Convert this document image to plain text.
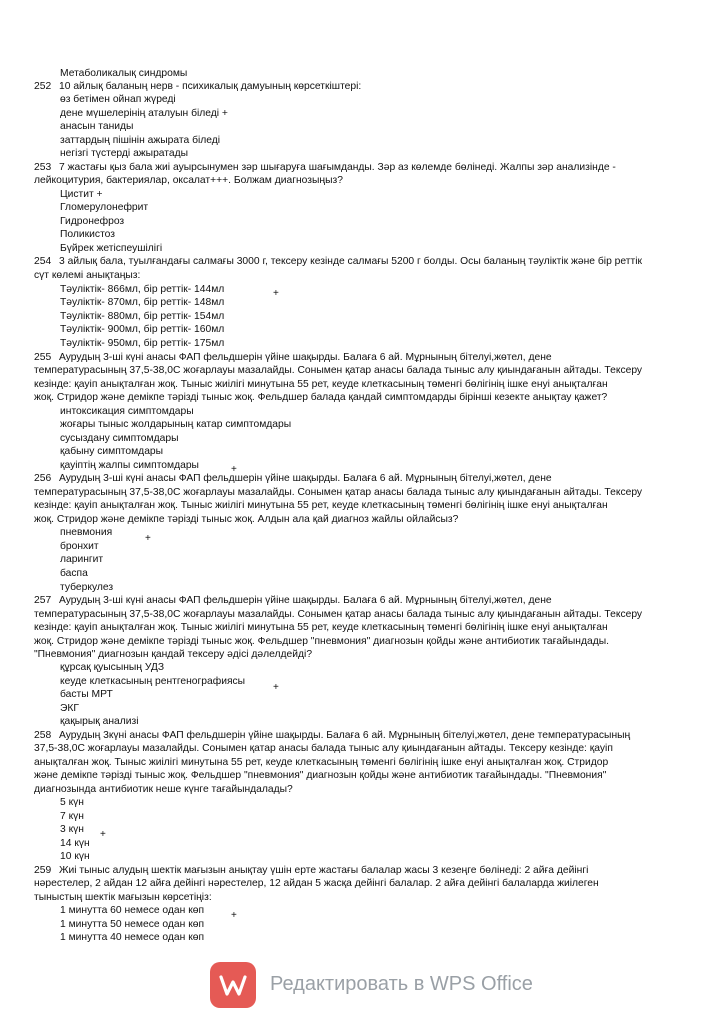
Метаболикалық синдромы
252 10 айлық баланың нерв - психикалық дамуының көрсеткіштері:
өз бетімен ойнап жүреді
дене мүшелерінің аталуын біледі +
анасын таниды
заттардың пішінін ажырата біледі
негізгі түстерді ажыратады
253 7 жастағы қыз бала жиі ауырсынумен зәр шығаруға шағымданды. Зәр аз көлемде бөлінеді. Жалпы зәр анализінде -
лейкоцитурия, бактериялар, оксалат+++. Болжам диагнозыңыз?
Цистит +
Гломерулонефрит
Гидронефроз
Поликистоз
Бүйрек жетіспеушілігі
254 3 айлық бала, туылғандағы салмағы 3000 г, тексеру кезінде салмағы 5200 г болды. Осы баланың тәуліктік және бір реттік
сүт көлемі анықтаңыз:
Тәуліктік- 866мл, бір реттік- 144мл
Тәуліктік- 870мл, бір реттік- 148мл
Тәуліктік- 880мл, бір реттік- 154мл
Тәуліктік- 900мл, бір реттік- 160мл
Тәуліктік- 950мл, бір реттік- 175мл
255 Аурудың 3-ші күні анасы ФАП фельдшерін үйіне шақырды. Балаға 6 ай. Мұрнының бітелуі,жөтел, дене
температурасының 37,5-38,0С жоғарлауы мазалайды. Сонымен қатар анасы балада тыныс алу қиындағанын айтады. Тексеру
кезінде: қауіп анықталған жоқ. Тыныс жиілігі минутына 55 рет, кеуде клеткасының төменгі бөлігінің ішке енуі анықталған
жоқ. Стридор және демікпе тәрізді тыныс жоқ. Фельдшер балада қандай симптомдарды бірінші кезекте анықтау қажет?
интоксикация симптомдары
жоғары тыныс жолдарының катар симптомдары
сусыздану симптомдары
қабыну симптомдары
қауіптің жалпы симптомдары
256 Аурудың 3-ші күні анасы ФАП фельдшерін үйіне шақырды. Балаға 6 ай. Мұрнының бітелуі,жөтел, дене
температурасының 37,5-38,0С жоғарлауы мазалайды. Сонымен қатар анасы балада тыныс алу қиындағанын айтады. Тексеру
кезінде: қауіп анықталған жоқ. Тыныс жиілігі минутына 55 рет, кеуде клеткасының төменгі бөлігінің ішке енуі анықталған
жоқ. Стридор және демікпе тәрізді тыныс жоқ. Алдын ала қай диагноз жайлы ойлайсыз?
пневмония
бронхит
ларингит
баспа
туберкулез
257 Аурудың 3-ші күні анасы ФАП фельдшерін үйіне шақырды. Балаға 6 ай. Мұрнының бітелуі,жөтел, дене
температурасының 37,5-38,0С жоғарлауы мазалайды. Сонымен қатар анасы балада тыныс алу қиындағанын айтады. Тексеру
кезінде: қауіп анықталған жоқ. Тыныс жиілігі минутына 55 рет, кеуде клеткасының төменгі бөлігінің ішке енуі анықталған
жоқ. Стридор және демікпе тәрізді тыныс жоқ. Фельдшер "пневмония" диагнозын қойды және антибиотик тағайындады.
"Пневмония" диагнозын қандай тексеру әдісі дәлелдейді?
құрсақ қуысының УДЗ
кеуде клеткасының рентгенографиясы
басты МРТ
ЭКГ
қақырық анализі
258 Аурудың 3күні анасы ФАП фельдшерін үйіне шақырды. Балаға 6 ай. Мұрнының бітелуі,жөтел, дене температурасының
37,5-38,0С жоғарлауы мазалайды. Сонымен қатар анасы балада тыныс алу қиындағанын айтады. Тексеру кезінде: қауіп
анықталған жоқ. Тыныс жиілігі минутына 55 рет, кеуде клеткасының төменгі бөлігінің ішке енуі анықталған жоқ. Стридор
және демікпе тәрізді тыныс жоқ. Фельдшер "пневмония" диагнозын қойды және антибиотик тағайындады. "Пневмония"
диагнозында антибиотик неше күнге тағайындалады?
5 күн
7 күн
3 күн
14 күн
10 күн
259 Жиі тыныс алудың шектік мағызын анықтау үшін ерте жастағы балалар жасы 3 кезеңге бөлінеді: 2 айға дейінгі
нәрестелер, 2 айдан 12 айға дейінгі нәрестелер, 12 айдан 5 жасқа дейінгі балалар. 2 айға дейінгі балаларда жиілеген
тыныстың шектік мағызын көрсетіңіз:
1 минутта 60 немесе одан көп
1 минутта 50 немесе одан көп
1 минутта 40 немесе одан көп
+
+
+
+
+
+
Редактировать в WPS Office
